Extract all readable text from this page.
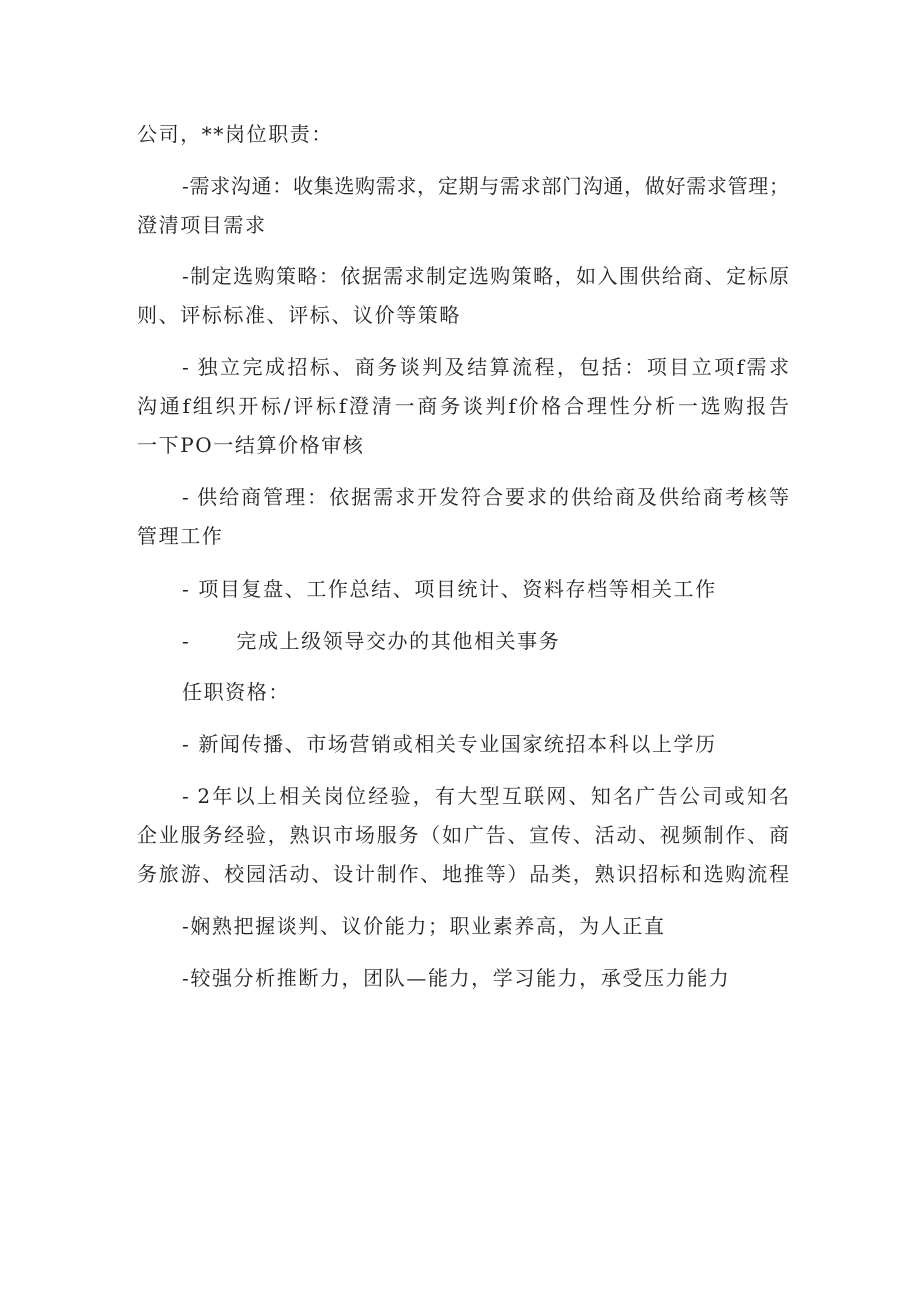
公司，**岗位职责：
-需求沟通：收集选购需求，定期与需求部门沟通，做好需求管理；
澄清项目需求
-制定选购策略：依据需求制定选购策略，如入围供给商、定标原
则、评标标准、评标、议价等策略
- 独立完成招标、商务谈判及结算流程，包括：项目立项f需求
沟通f组织开标/评标f澄清一商务谈判f价格合理性分析一选购报告
一下PO一结算价格审核
- 供给商管理：依据需求开发符合要求的供给商及供给商考核等
管理工作
- 项目复盘、工作总结、项目统计、资料存档等相关工作
- 完成上级领导交办的其他相关事务
任职资格：
- 新闻传播、市场营销或相关专业国家统招本科以上学历
- 2年以上相关岗位经验，有大型互联网、知名广告公司或知名
企业服务经验，熟识市场服务（如广告、宣传、活动、视频制作、商
务旅游、校园活动、设计制作、地推等）品类，熟识招标和选购流程
-娴熟把握谈判、议价能力；职业素养高，为人正直
-较强分析推断力，团队—能力，学习能力，承受压力能力
